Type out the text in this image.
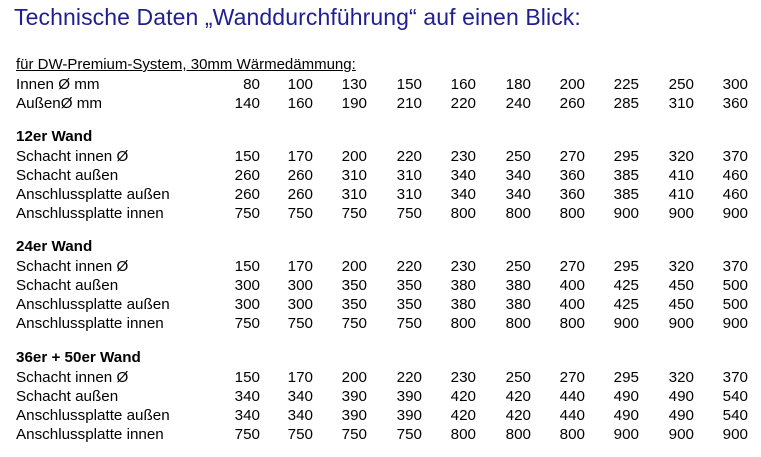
Technische Daten „Wanddurchführung“ auf einen Blick:
für DW-Premium-System, 30mm Wärmedämmung:
Innen Ø mm	80	100	130	150	160	180	200	225	250	300
AußenØ mm	140	160	190	210	220	240	260	285	310	360
12er Wand
Schacht innen Ø	150	170	200	220	230	250	270	295	320	370
Schacht außen	260	260	310	310	340	340	360	385	410	460
Anschlussplatte außen	260	260	310	310	340	340	360	385	410	460
Anschlussplatte innen	750	750	750	750	800	800	800	900	900	900
24er Wand
Schacht innen Ø	150	170	200	220	230	250	270	295	320	370
Schacht außen	300	300	350	350	380	380	400	425	450	500
Anschlussplatte außen	300	300	350	350	380	380	400	425	450	500
Anschlussplatte innen	750	750	750	750	800	800	800	900	900	900
36er + 50er Wand
Schacht innen Ø	150	170	200	220	230	250	270	295	320	370
Schacht außen	340	340	390	390	420	420	440	490	490	540
Anschlussplatte außen	340	340	390	390	420	420	440	490	490	540
Anschlussplatte innen	750	750	750	750	800	800	800	900	900	900
